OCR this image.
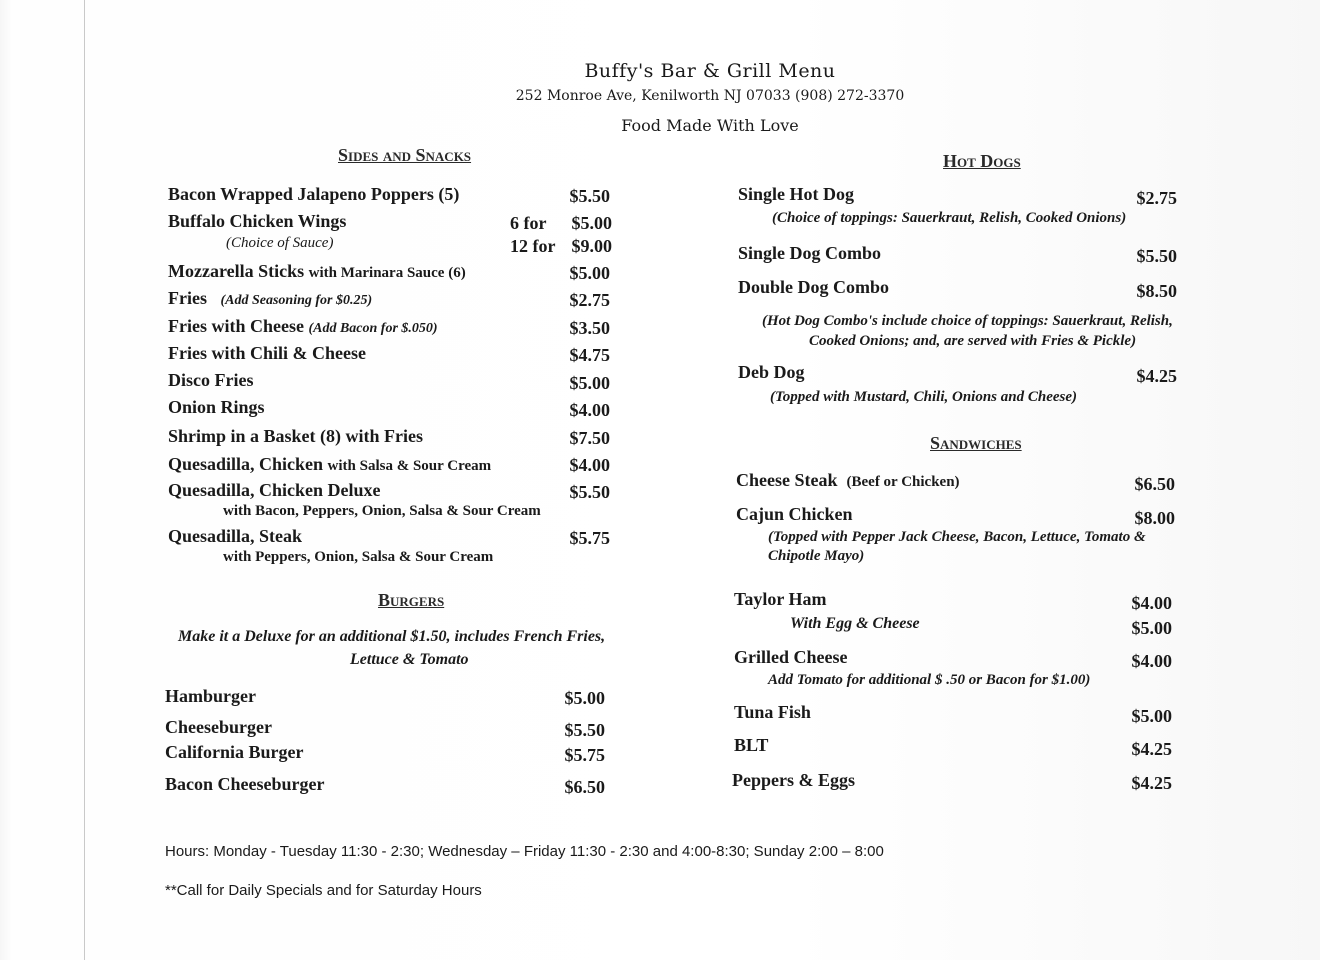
Buffy's Bar & Grill Menu
252 Monroe Ave, Kenilworth NJ 07033 (908) 272-3370
Food Made With Love
Sides and Snacks
Bacon Wrapped Jalapeno Poppers (5)	$5.50
Buffalo Chicken Wings	6 for	$5.00
(Choice of Sauce)	12 for $9.00
Mozzarella Sticks with Marinara Sauce (6)	$5.00
Fries (Add Seasoning for $0.25)	$2.75
Fries with Cheese (Add Bacon for $.050)	$3.50
Fries with Chili & Cheese	$4.75
Disco Fries	$5.00
Onion Rings	$4.00
Shrimp in a Basket (8) with Fries	$7.50
Quesadilla, Chicken with Salsa & Sour Cream	$4.00
Quesadilla, Chicken Deluxe	$5.50
with Bacon, Peppers, Onion, Salsa & Sour Cream
Quesadilla, Steak	$5.75
with Peppers, Onion, Salsa & Sour Cream
Burgers
Make it a Deluxe for an additional $1.50, includes French Fries,
Lettuce & Tomato
Hamburger	$5.00
Cheeseburger	$5.50
California Burger	$5.75
Bacon Cheeseburger	$6.50
Hot Dogs
Single Hot Dog	$2.75
(Choice of toppings: Sauerkraut, Relish, Cooked Onions)
Single Dog Combo	$5.50
Double Dog Combo	$8.50
(Hot Dog Combo's include choice of toppings: Sauerkraut, Relish,
Cooked Onions; and, are served with Fries & Pickle)
Deb Dog	$4.25
(Topped with Mustard, Chili, Onions and Cheese)
Sandwiches
Cheese Steak (Beef or Chicken)	$6.50
Cajun Chicken	$8.00
(Topped with Pepper Jack Cheese, Bacon, Lettuce, Tomato &
Chipotle Mayo)
Taylor Ham	$4.00
With Egg & Cheese	$5.00
Grilled Cheese	$4.00
Add Tomato for additional $ .50 or Bacon for $1.00)
Tuna Fish	$5.00
BLT	$4.25
Peppers & Eggs	$4.25
Hours: Monday - Tuesday 11:30 - 2:30; Wednesday – Friday 11:30 - 2:30 and 4:00-8:30; Sunday 2:00 – 8:00
**Call for Daily Specials and for Saturday Hours
